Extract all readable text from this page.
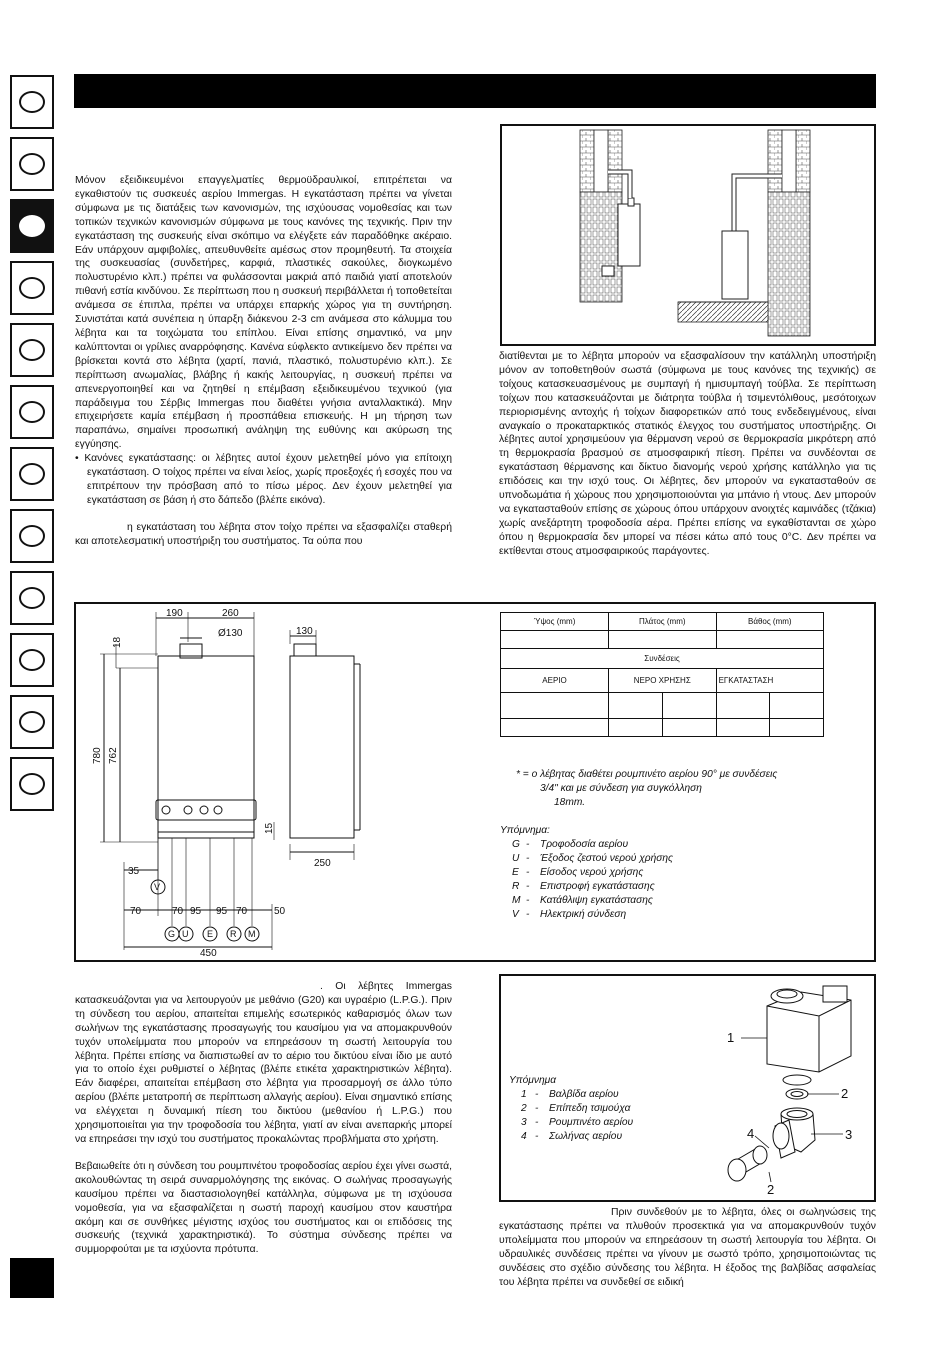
Μόνον εξειδικευμένοι επαγγελματίες θερμοϋδραυλικοί, επιτρέπεται να εγκαθιστούν τις συσκευές αερίου Immergas. Η εγκατάσταση πρέπει να γίνεται σύμφωνα με τις διατάξεις των κανονισμών, της ισχύουσας νομοθεσίας και των τοπικών τεχνικών κανονισμών σύμφωνα με τους κανόνες της τεχνικής. Πριν την εγκατάσταση της συσκευής είναι σκόπιμο να ελέγξετε εάν παραδόθηκε ακέραιο. Εάν υπάρχουν αμφιβολίες, απευθυνθείτε αμέσως στον προμηθευτή. Τα στοιχεία της συσκευασίας (συνδετήρες, καρφιά, πλαστικές σακούλες, διογκωμένο πολυστυρένιο κλπ.) πρέπει να φυλάσσονται μακριά από παιδιά γιατί αποτελούν πιθανή εστία κινδύνου. Σε περίπτωση που η συσκευή περιβάλλεται ή τοποθετείται ανάμεσα σε έπιπλα, πρέπει να υπάρχει επαρκής χώρος για τη συντήρηση. Συνιστάται κατά συνέπεια η ύπαρξη διάκενου 2-3 cm ανάμεσα στο κάλυμμα του λέβητα και τα τοιχώματα του επίπλου. Είναι επίσης σημαντικό, να μην καλύπτονται οι γρίλιες αναρρόφησης. Κανένα εύφλεκτο αντικείμενο δεν πρέπει να βρίσκεται κοντά στο λέβητα (χαρτί, πανιά, πλαστικό, πολυστυρένιο κλπ.). Σε περίπτωση ανωμαλίας, βλάβης ή κακής λειτουργίας, η συσκευή πρέπει να απενεργοποιηθεί και να ζητηθεί η επέμβαση εξειδικευμένου τεχνικού (για παράδειγμα του Σέρβις Immergas που διαθέτει γνήσια ανταλλακτικά). Μην επιχειρήσετε καμία επέμβαση ή προσπάθεια επισκευής. Η μη τήρηση των παραπάνω, σημαίνει προσωπική ανάληψη της ευθύνης και ακύρωση της εγγύησης.

• Κανόνες εγκατάστασης: οι λέβητες αυτοί έχουν μελετηθεί μόνο για επίτοιχη εγκατάσταση. Ο τοίχος πρέπει να είναι λείος, χωρίς προεξοχές ή εσοχές που να επιτρέπουν την πρόσβαση από το πίσω μέρος. Δεν έχουν μελετηθεί για εγκατάσταση σε βάση ή στο δάπεδο (βλέπε εικόνα).

η εγκατάσταση του λέβητα στον τοίχο πρέπει να εξασφαλίζει σταθερή και αποτελεσματική υποστήριξη του συστήματος. Τα ούπα που

διατίθενται με το λέβητα μπορούν να εξασφαλίσουν την κατάλληλη υποστήριξη μόνον αν τοποθετηθούν σωστά (σύμφωνα με τους κανόνες της τεχνικής) σε τοίχους κατασκευασμένους με συμπαγή ή ημισυμπαγή τούβλα. Σε περίπτωση τοίχων που κατασκευάζονται με διάτρητα τούβλα ή τσιμεντόλιθους, μεσότοιχων περιορισμένης αντοχής ή τοίχων διαφορετικών από τους ενδεδειγμένους, είναι αναγκαίο ο προκαταρκτικός στατικός έλεγχος του συστήματος υποστήριξης. Οι λέβητες αυτοί χρησιμεύουν για θέρμανση νερού σε θερμοκρασία μικρότερη από τη θερμοκρασία βρασμού σε ατμοσφαιρική πίεση. Πρέπει να συνδέονται σε εγκατάσταση θέρμανσης και δίκτυο διανομής νερού χρήσης κατάλληλο για τις επιδόσεις και την ισχύ τους. Οι λέβητες, δεν μπορούν να εγκατασταθούν σε υπνοδωμάτια ή χώρους που χρησιμοποιούνται για μπάνιο ή ντους. Δεν μπορούν να εγκατασταθούν επίσης σε χώρους όπου υπάρχουν ανοιχτές καμινάδες (τζάκια) χωρίς ανεξάρτητη τροφοδοσία αέρα. Πρέπει επίσης να εγκαθίστανται σε χώρο όπου η θερμοκρασία δεν μπορεί να πέσει κάτω από τους 0°C. Δεν πρέπει να εκτίθενται στους ατμοσφαιρικούς παράγοντες.

190	260
Ø130	130
18
780 762
15
250
35
70	70 95 95 70	50
450
V
G U E R M
Ύψος (mm)	Πλάτος (mm)		Βάθος (mm)	

Συνδέσεις				
ΑΕΡΙΟ	ΝΕΡΟ ΧΡΗΣΗΣ		ΕΓΚΑΤΑΣΤΑΣΗ	

* = ο λέβητας διαθέτει ρουμπινέτο αερίου 90° με συνδέσεις
3/4" και με σύνδεση για συγκόλληση
18mm.
Υπόμνημα:
G - Τροφοδοσία αερίου
U - Έξοδος ζεστού νερού χρήσης
E - Είσοδος νερού χρήσης
R - Επιστροφή εγκατάστασης
M - Κατάθλιψη εγκατάστασης
V - Ηλεκτρική σύνδεση

. Οι λέβητες Immergas κατασκευάζονται για να λειτουργούν με μεθάνιο (G20) και υγραέριο (L.P.G.). Πριν τη σύνδεση του αερίου, απαιτείται επιμελής εσωτερικός καθαρισμός όλων των σωλήνων της εγκατάστασης προσαγωγής του καυσίμου για να απομακρυνθούν τυχόν υπολείμματα που μπορούν να επηρεάσουν τη σωστή λειτουργία του λέβητα. Πρέπει επίσης να διαπιστωθεί αν το αέριο του δικτύου είναι ίδιο με αυτό για το οποίο έχει ρυθμιστεί ο λέβητας (βλέπε ετικέτα χαρακτηριστικών λέβητα). Εάν διαφέρει, απαιτείται επέμβαση στο λέβητα για προσαρμογή σε άλλο τύπο αερίου (βλέπε μετατροπή σε περίπτωση αλλαγής αερίου). Είναι σημαντικό επίσης να ελέγχεται η δυναμική πίεση του δικτύου (μεθανίου ή L.P.G.) που χρησιμοποιείται για την τροφοδοσία του λέβητα, γιατί αν είναι ανεπαρκής μπορεί να επηρεάσει την ισχύ του συστήματος προκαλώντας προβλήματα στο χρήστη.

Βεβαιωθείτε ότι η σύνδεση του ρουμπινέτου τροφοδοσίας αερίου έχει γίνει σωστά, ακολουθώντας τη σειρά συναρμολόγησης της εικόνας. Ο σωλήνας προσαγωγής καυσίμου πρέπει να διαστασιολογηθεί κατάλληλα, σύμφωνα με τη ισχύουσα νομοθεσία, για να εξασφαλίζεται η σωστή παροχή καυσίμου στον καυστήρα ακόμη και σε συνθήκες μέγιστης ισχύος του συστήματος και οι επιδόσεις της συσκευής (τεχνικά χαρακτηριστικά). Το σύστημα σύνδεσης πρέπει να συμμορφούται με τα ισχύοντα πρότυπα.

Υπόμνημα
1 - Βαλβίδα αερίου
2 - Επίπεδη τσιμούχα
3 - Ρουμπινέτο αερίου
4 - Σωλήνας αερίου
1
2
3
4
2

Πριν συνδεθούν με το λέβητα, όλες οι σωληνώσεις της εγκατάστασης πρέπει να πλυθούν προσεκτικά για να απομακρυνθούν τυχόν υπολείμματα που μπορούν να επηρεάσουν τη σωστή λειτουργία του λέβητα. Οι υδραυλικές συνδέσεις πρέπει να γίνουν με σωστό τρόπο, χρησιμοποιώντας τις συνδέσεις στο σχέδιο σύνδεσης του λέβητα. Η έξοδος της βαλβίδας ασφαλείας του λέβητα πρέπει να συνδεθεί σε ειδική
